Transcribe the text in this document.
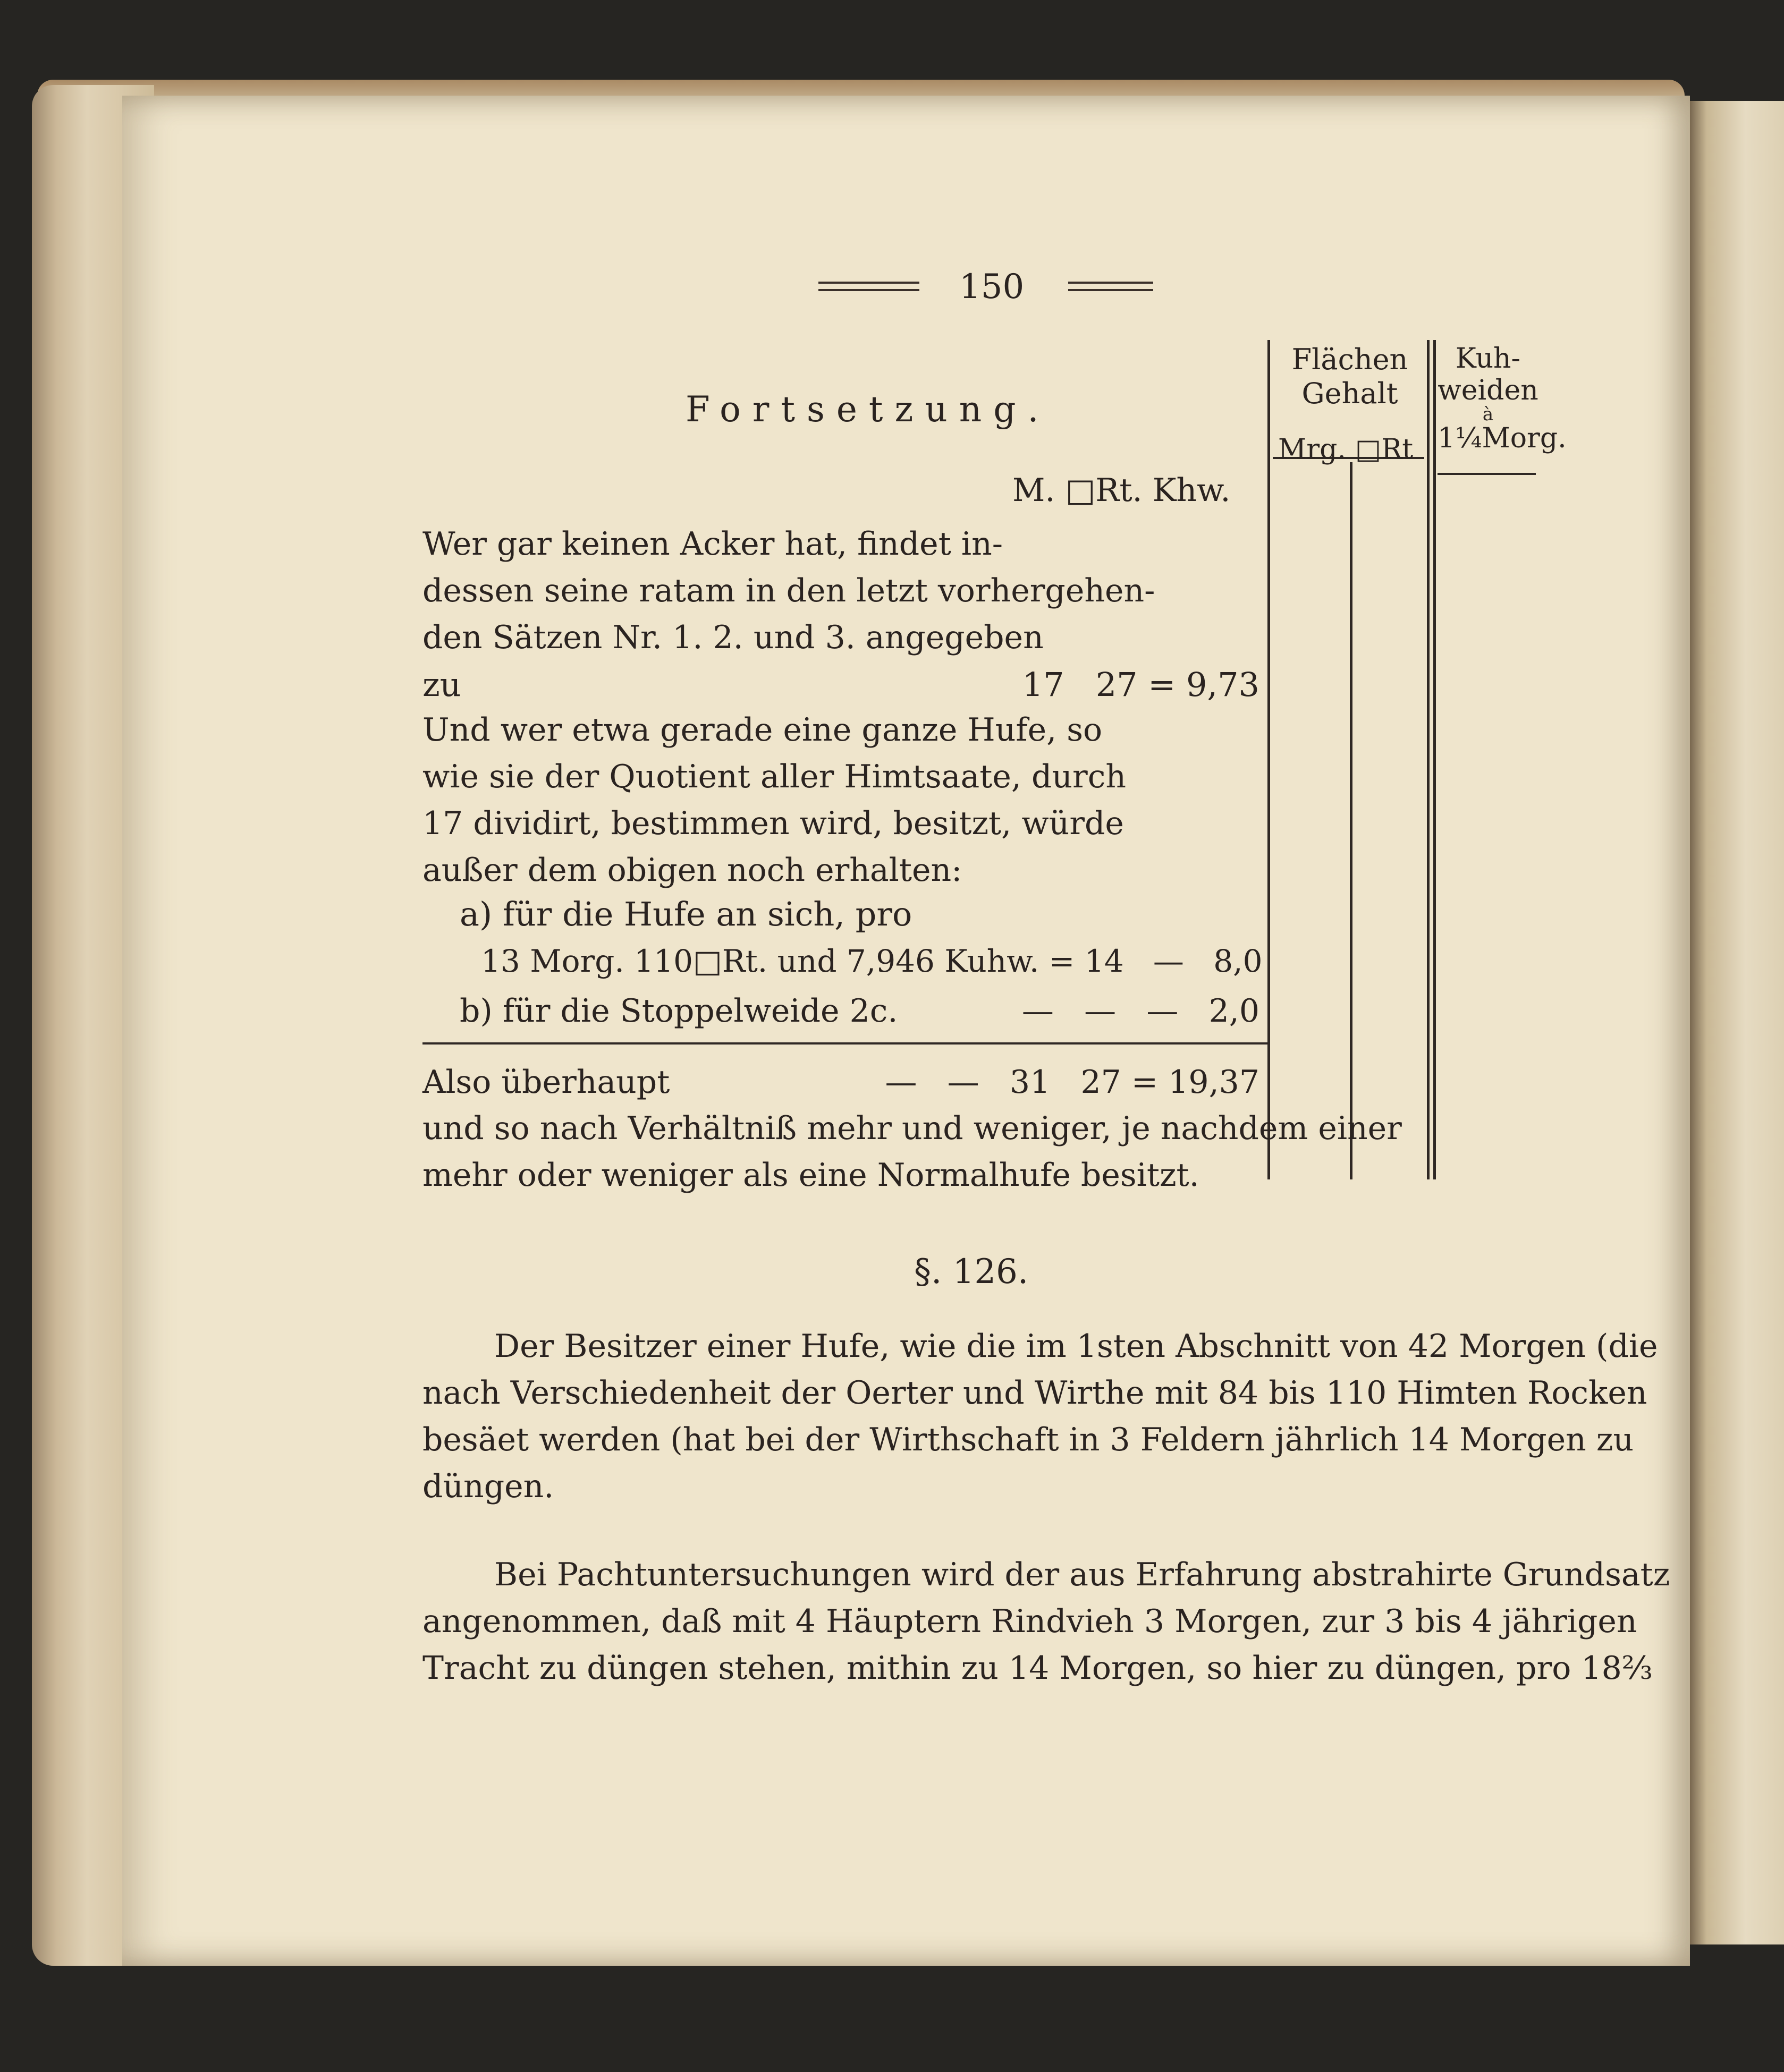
150
Flächen
Gehalt
Mrg. □Rt
Kuh-
weiden
à
1¼Morg.
Fortsetzung.
M. □Rt. Khw.
Wer gar keinen Acker hat, findet in-
dessen seine ratam in den letzt vorhergehen-
den Sätzen Nr. 1. 2. und 3. angegeben
zu	17   27 = 9,73
Und wer etwa gerade eine ganze Hufe, so
wie sie der Quotient aller Himtsaate, durch
17 dividirt, bestimmen wird, besitzt, würde
außer dem obigen noch erhalten:
a) für die Hufe an sich, pro
13 Morg. 110□Rt. und 7,946 Kuhw. = 14   —   8,0
b) für die Stoppelweide 2c.	—   —   —   2,0
Also überhaupt	—   —   31   27 = 19,37
und so nach Verhältniß mehr und weniger, je nachdem einer
mehr oder weniger als eine Normalhufe besitzt.
§. 126.
Der Besitzer einer Hufe, wie die im 1sten Abschnitt von 42 Morgen (die
nach Verschiedenheit der Oerter und Wirthe mit 84 bis 110 Himten Rocken
besäet werden (hat bei der Wirthschaft in 3 Feldern jährlich 14 Morgen zu
düngen.
Bei Pachtuntersuchungen wird der aus Erfahrung abstrahirte Grundsatz
angenommen, daß mit 4 Häuptern Rindvieh 3 Morgen, zur 3 bis 4 jährigen
Tracht zu düngen stehen, mithin zu 14 Morgen, so hier zu düngen, pro 18⅔
